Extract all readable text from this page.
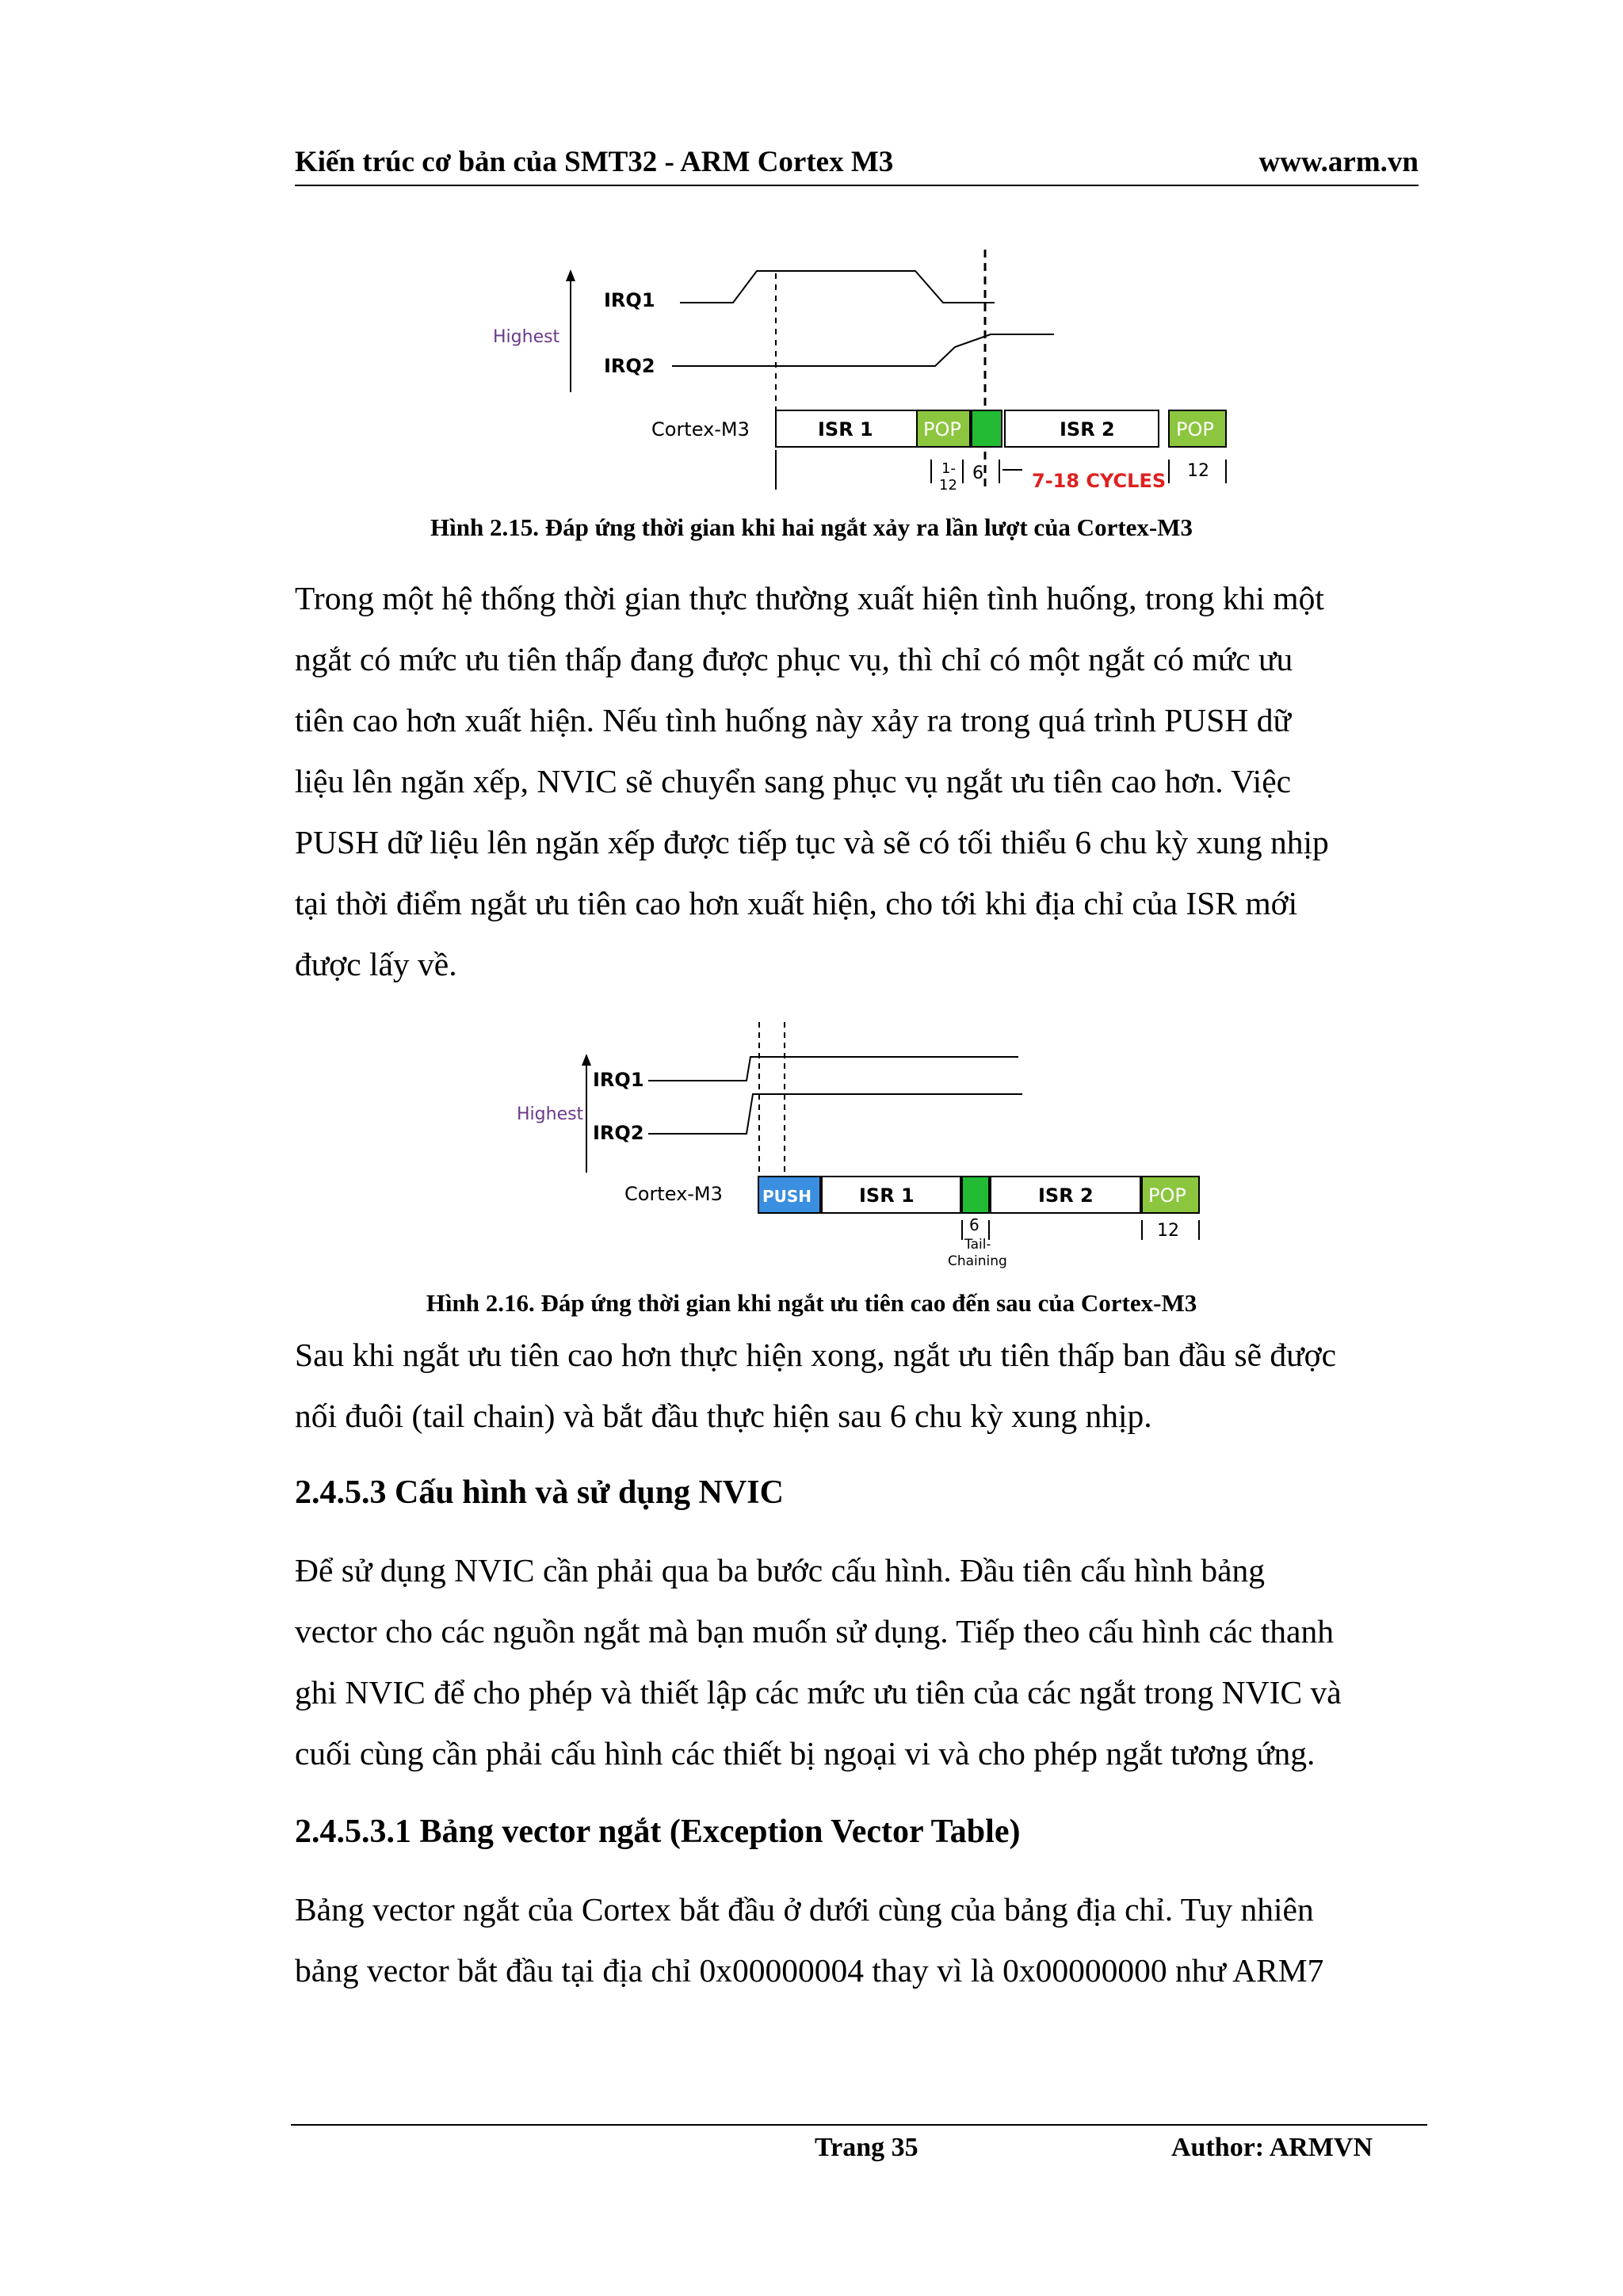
Kiến trúc cơ bản của SMT32 - ARM Cortex M3	www.arm.vn
Highest
IRQ1
IRQ2
Cortex-M3	ISR 1	POP	ISR 2	POP
1-
12
6	7-18 CYCLES 12
Hình 2.15. Đáp ứng thời gian khi hai ngắt xảy ra lần lượt của Cortex-M3
Trong một hệ thống thời gian thực thường xuất hiện tình huống, trong khi một
ngắt có mức ưu tiên thấp đang được phục vụ, thì chỉ có một ngắt có mức ưu
tiên cao hơn xuất hiện. Nếu tình huống này xảy ra trong quá trình PUSH dữ
liệu lên ngăn xếp, NVIC sẽ chuyển sang phục vụ ngắt ưu tiên cao hơn. Việc
PUSH dữ liệu lên ngăn xếp được tiếp tục và sẽ có tối thiểu 6 chu kỳ xung nhịp
tại thời điểm ngắt ưu tiên cao hơn xuất hiện, cho tới khi địa chỉ của ISR mới
được lấy về.
Highest
IRQ1
IRQ2
Cortex-M3	PUSH ISR 1	ISR 2	POP
6
Tail-
Chaining
12
Hình 2.16. Đáp ứng thời gian khi ngắt ưu tiên cao đến sau của Cortex-M3
Sau khi ngắt ưu tiên cao hơn thực hiện xong, ngắt ưu tiên thấp ban đầu sẽ được
nối đuôi (tail chain) và bắt đầu thực hiện sau 6 chu kỳ xung nhịp.
2.4.5.3 Cấu hình và sử dụng NVIC
Để sử dụng NVIC cần phải qua ba bước cấu hình. Đầu tiên cấu hình bảng
vector cho các nguồn ngắt mà bạn muốn sử dụng. Tiếp theo cấu hình các thanh
ghi NVIC để cho phép và thiết lập các mức ưu tiên của các ngắt trong NVIC và
cuối cùng cần phải cấu hình các thiết bị ngoại vi và cho phép ngắt tương ứng.
2.4.5.3.1 Bảng vector ngắt (Exception Vector Table)
Bảng vector ngắt của Cortex bắt đầu ở dưới cùng của bảng địa chỉ. Tuy nhiên
bảng vector bắt đầu tại địa chỉ 0x00000004 thay vì là 0x00000000 như ARM7
Trang 35	Author: ARMVN
